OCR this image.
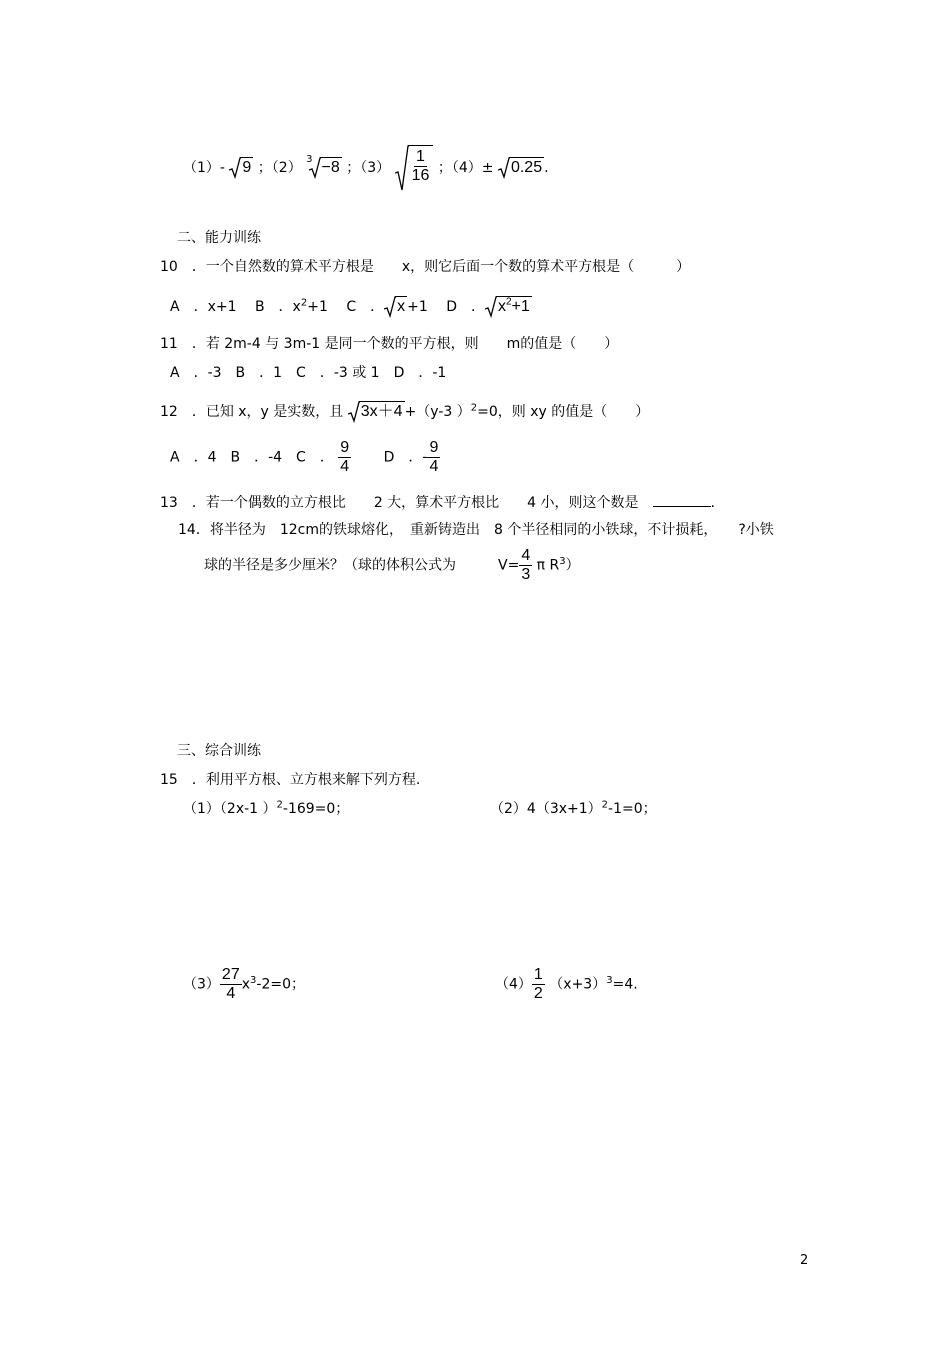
（1）- 9 ；（2） $^3$ −8 ；$(3) \frac{1}{16}$ ；（4）± 0.25 .
二、能力训练
10　．一个自然数的算术平方根是　　x，则它后面一个数的算术平方根是（　　　）
A　．x+1　 B　．$x^2+1$　 C　． x +1　 D　． $x^2+1$
11　．若 2m-4 与 3m-1 是同一个数的平方根，则　　m的值是（　　）
A　．-3　B　．1　C　．-3 或 1　D　．-1
12　．已知 x，y 是实数，且 3x＋4 +（y-3 ）$^2$=0，则 xy 的值是（　　）
A　．4　B　．-4　C　． $\frac{9}{4}$
　　 D　．- $\frac{9}{4}$
13　．若一个偶数的立方根比　　2 大，算术平方根比　　4 小，则这个数是　	.
14．将半径为　12cm的铁球熔化，　重新铸造出　8 个半径相同的小铁球，不计损耗，　　?小铁
球的半径是多少厘米？（球的体积公式为　　　	$V= \frac{4}{3}$ π $R^3$）
三、综合训练
15　．利用平方根、立方根来解下列方程.
（1）（2x-1 ）$^2$-169=0；	$(2)4(3x+1)^2-1=0$；
$(3) \frac{27}{4} x^3-2=0$；	$(4) \frac{1}{2} (x+3)^3=4$.
2
